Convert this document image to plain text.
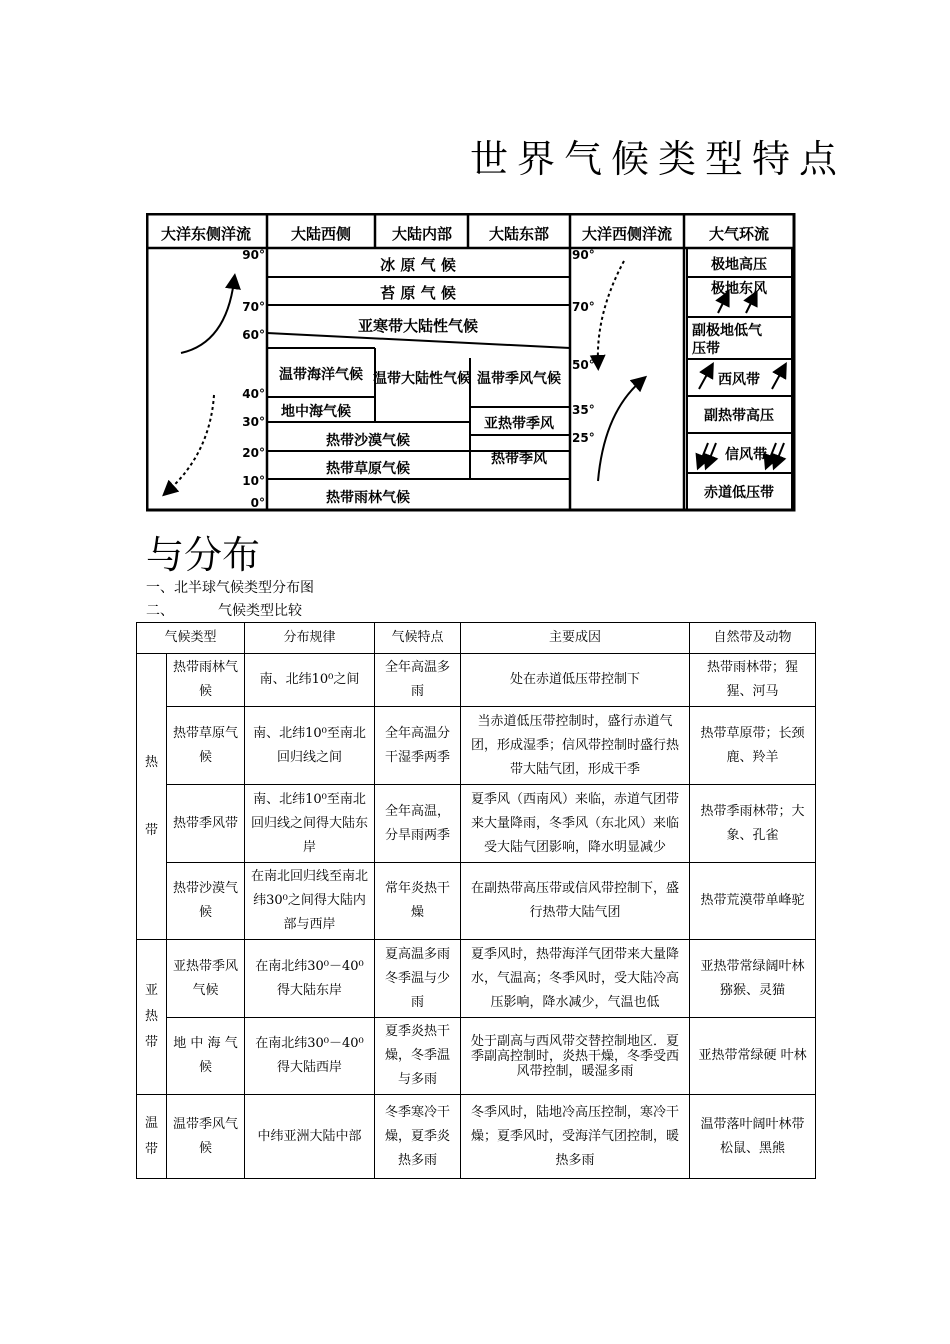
世界气候类型特点
大洋东侧洋流	大陆西侧	大陆内部 大陆东部 大洋西侧洋流 大气环流
冰 原 气 候
苔 原 气 候
亚寒带大陆性气候
温带海洋气候 温带大陆性气候 温带季风气候
地中海气候
亚热带季风
热带沙漠气候
热带草原气候
热带季风
热带雨林气候
90°
70°
60°
40°
30°
20°
10°
0°
90°
70°
50°
35°
25°
极地高压
极地东风
副极地低气
压带
西风带
副热带高压
信风带
赤道低压带
与分布
一、北半球气候类型分布图
二、	气候类型比较
气候类型		分布规律	气候特点	主要成因	自然带及动物
热带	热带雨林气候	南、北纬10⁰之间	全年高温多雨	处在赤道低压带控制下	热带雨林带；猩猩、河马
	热带草原气候	南、北纬10⁰至南北回归线之间	全年高温分干湿季两季	当赤道低压带控制时，盛行赤道气团，形成湿季；信风带控制时盛行热带大陆气团，形成干季	热带草原带；长颈鹿、羚羊
	热带季风带	南、北纬10⁰至南北回归线之间得大陆东岸	全年高温，分旱雨两季	夏季风（西南风）来临，赤道气团带来大量降雨，冬季风（东北风）来临受大陆气团影响，降水明显减少	热带季雨林带；大象、孔雀
	热带沙漠气候	在南北回归线至南北纬30⁰之间得大陆内部与西岸	常年炎热干燥	在副热带高压带或信风带控制下，盛行热带大陆气团	热带荒漠带单峰驼
亚热带	亚热带季风气候	在南北纬30⁰－40⁰得大陆东岸	夏高温多雨冬季温与少雨	夏季风时，热带海洋气团带来大量降水，气温高；冬季风时，受大陆冷高压影响，降水减少，气温也低	亚热带常绿阔叶林猕猴、灵猫
	地 中 海 气候	在南北纬30⁰－40⁰得大陆西岸	夏季炎热干燥，冬季温与多雨	处于副高与西风带交替控制地区．夏季副高控制时，炎热干燥，冬季受西风带控制，暖湿多雨	亚热带常绿硬 叶林
温带	温带季风气候	中纬亚洲大陆中部	冬季寒冷干燥，夏季炎热多雨	冬季风时，陆地冷高压控制，寒冷干燥；夏季风时，受海洋气团控制，暖热多雨	温带落叶阔叶林带松鼠、黑熊
